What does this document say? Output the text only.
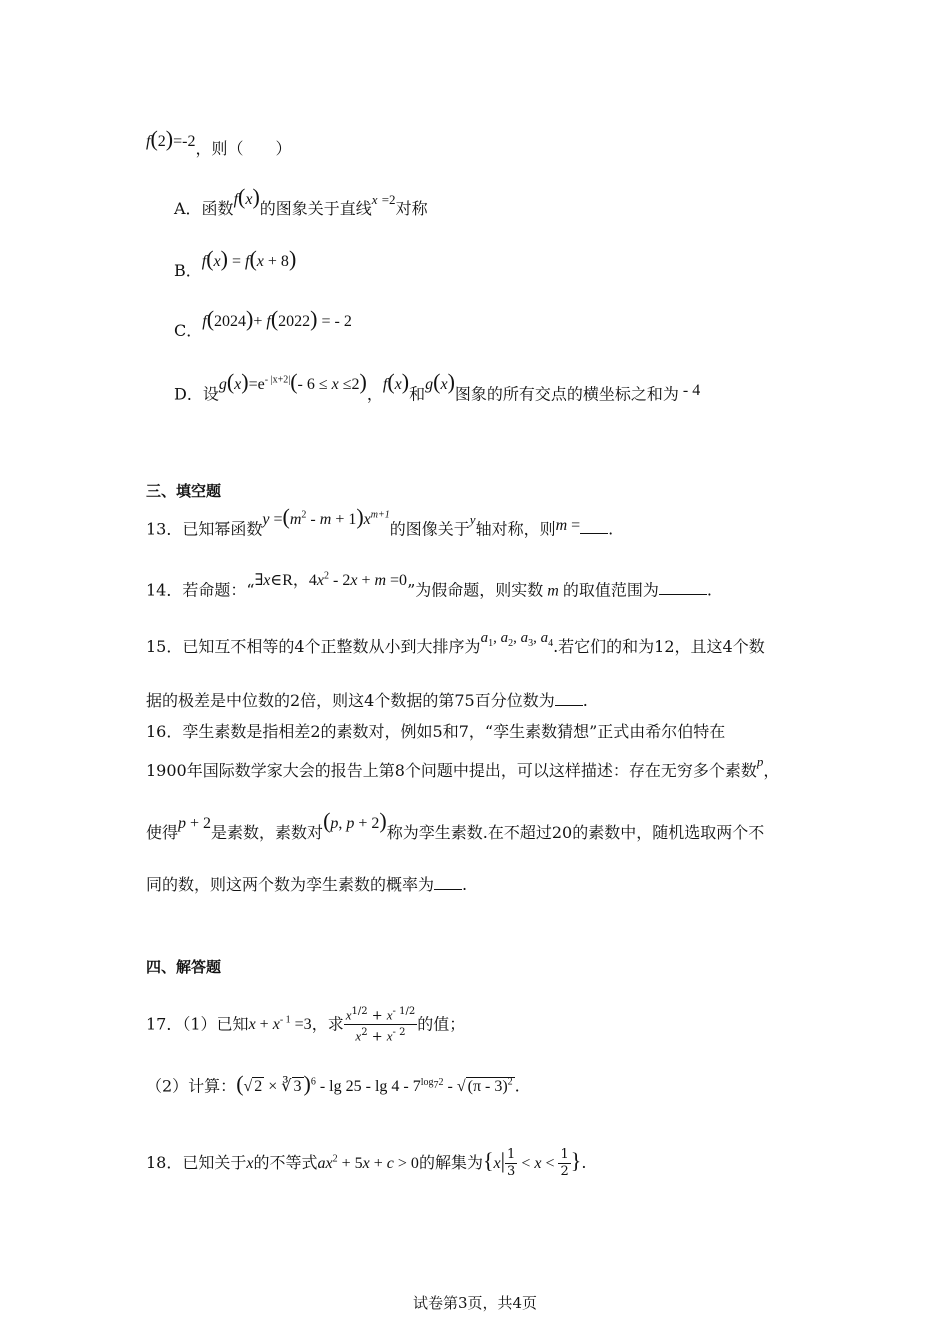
f(2)=-2，则（　　）
A．函数f(x)的图象关于直线$^{x =2}$对称
B．f(x) = f(x + 8)
C．f(2024)+ f(2022) = - 2
D．设$g(x)=e^{- |x+2|}(-$ 6 ≤ x ≤2)，f(x)和g(x)图象的所有交点的横坐标之和为 - 4
三、填空题
13．已知幂函数$y =(m^2 - m + 1)x^{m+1}$的图像关于$^y$轴对称，则m = .
14．若命题：“∃x∈R，$4x^2 - 2x + m =0$”为假命题，则实数 m 的取值范围为	.
15．已知互不相等的4个正整数从小到大排序为$a_1$, $a_2$, $a_3$, $a_4$.若它们的和为12，且这4个数
据的极差是中位数的2倍，则这4个数据的第75百分位数为 .
16．孪生素数是指相差2的素数对，例如5和7，“孪生素数猜想”正式由希尔伯特在
1900年国际数学家大会的报告上第8个问题中提出，可以这样描述：存在无穷多个素数$^p$，
使得p + 2是素数，素数对(p, p + 2)称为孪生素数.在不超过20的素数中，随机选取两个不
同的数，则这两个数为孪生素数的概率为 .
四、解答题
17．（1）已知$x + x^{- 1} =3$，求 $\frac{x^{1/2} + x^{- 1/2}}{x^2 + x^{- 2}}$ 的值；
（2）计算：(√ 2 × ∛ $3)^6 - \lg 25 - \lg 4 - 7^{log_72}$ - √ (π - 3)$^2$ .
18．已知关于x的不等式$ax^2 + 5x + c > 0$的解集为{$x| \frac{1}{3} < x < \frac{1}{2}$ }.
试卷第3页，共4页
